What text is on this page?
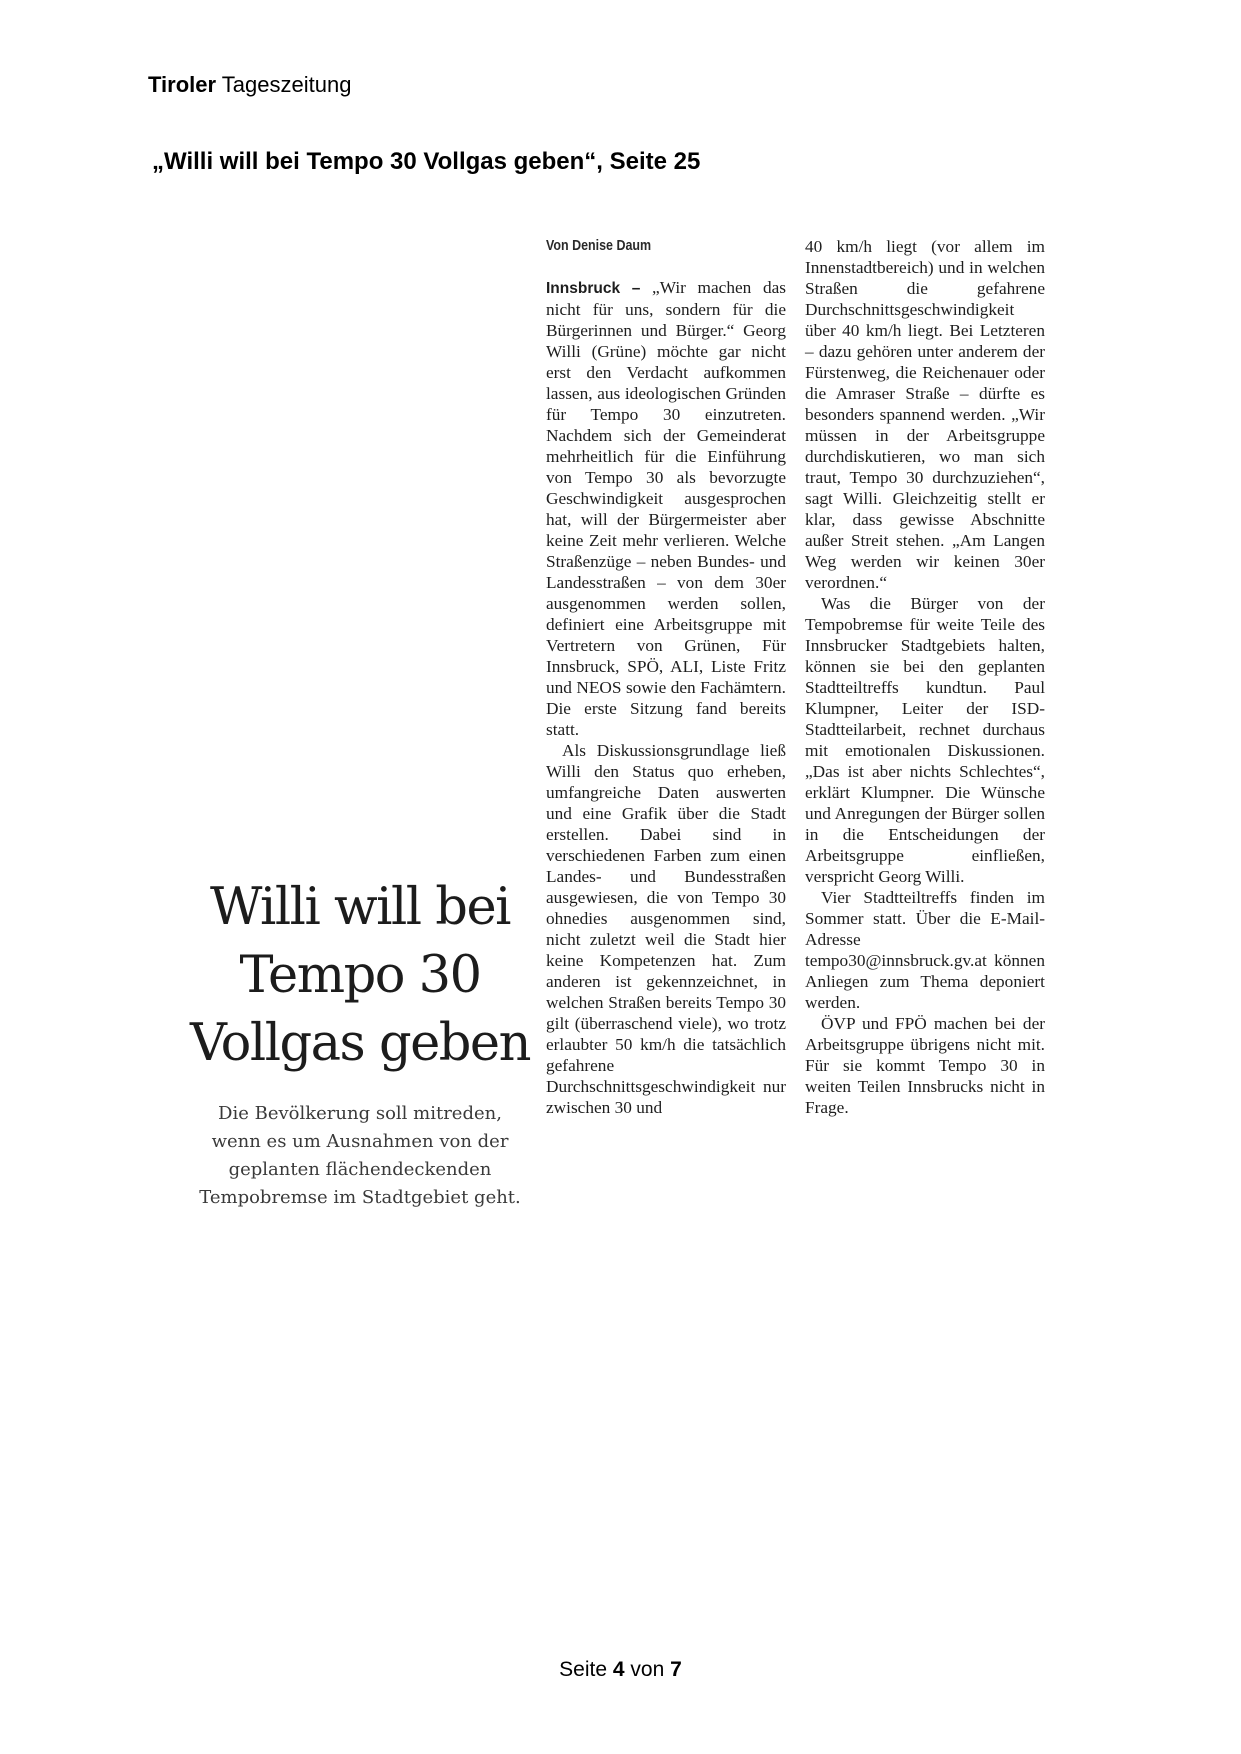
Tiroler Tageszeitung
„Willi will bei Tempo 30 Vollgas geben“, Seite 25
Willi will bei
Tempo 30
Vollgas geben
Die Bevölkerung soll mitreden, wenn es um Ausnahmen von der geplanten flächendeckenden Tempobremse im Stadtgebiet geht.
Von Denise Daum

Innsbruck – „Wir machen das nicht für uns, sondern für die Bürgerinnen und Bürger.“ Georg Willi (Grüne) möchte gar nicht erst den Verdacht aufkommen lassen, aus ideologischen Gründen für Tempo 30 einzutreten. Nachdem sich der Gemeinderat mehrheitlich für die Einführung von Tempo 30 als bevorzugte Geschwindigkeit ausgesprochen hat, will der Bürgermeister aber keine Zeit mehr verlieren. Welche Straßenzüge – neben Bundes- und Landesstraßen – von dem 30er ausgenommen werden sollen, definiert eine Arbeitsgruppe mit Vertretern von Grünen, Für Innsbruck, SPÖ, ALI, Liste Fritz und NEOS sowie den Fachämtern. Die erste Sitzung fand bereits statt.

Als Diskussionsgrundlage ließ Willi den Status quo erheben, umfangreiche Daten auswerten und eine Grafik über die Stadt erstellen. Dabei sind in verschiedenen Farben zum einen Landes- und Bundesstraßen ausgewiesen, die von Tempo 30 ohnedies ausgenommen sind, nicht zuletzt weil die Stadt hier keine Kompetenzen hat. Zum anderen ist gekennzeichnet, in welchen Straßen bereits Tempo 30 gilt (überraschend viele), wo trotz erlaubter 50 km/h die tatsächlich gefahrene Durchschnittsgeschwindigkeit nur zwischen 30 und

40 km/h liegt (vor allem im Innenstadtbereich) und in welchen Straßen die gefahrene Durchschnittsgeschwindigkeit über 40 km/h liegt. Bei Letzteren – dazu gehören unter anderem der Fürstenweg, die Reichenauer oder die Amraser Straße – dürfte es besonders spannend werden. „Wir müssen in der Arbeitsgruppe durchdiskutieren, wo man sich traut, Tempo 30 durchzuziehen“, sagt Willi. Gleichzeitig stellt er klar, dass gewisse Abschnitte außer Streit stehen. „Am Langen Weg werden wir keinen 30er verordnen.“

Was die Bürger von der Tempobremse für weite Teile des Innsbrucker Stadtgebiets halten, können sie bei den geplanten Stadtteiltreffs kundtun. Paul Klumpner, Leiter der ISD-Stadtteilarbeit, rechnet durchaus mit emotionalen Diskussionen. „Das ist aber nichts Schlechtes“, erklärt Klumpner. Die Wünsche und Anregungen der Bürger sollen in die Entscheidungen der Arbeitsgruppe einfließen, verspricht Georg Willi.

Vier Stadtteiltreffs finden im Sommer statt. Über die E-Mail-Adresse tempo30@innsbruck.gv.at können Anliegen zum Thema deponiert werden.

ÖVP und FPÖ machen bei der Arbeitsgruppe übrigens nicht mit. Für sie kommt Tempo 30 in weiten Teilen Innsbrucks nicht in Frage.

Seite 4 von 7
